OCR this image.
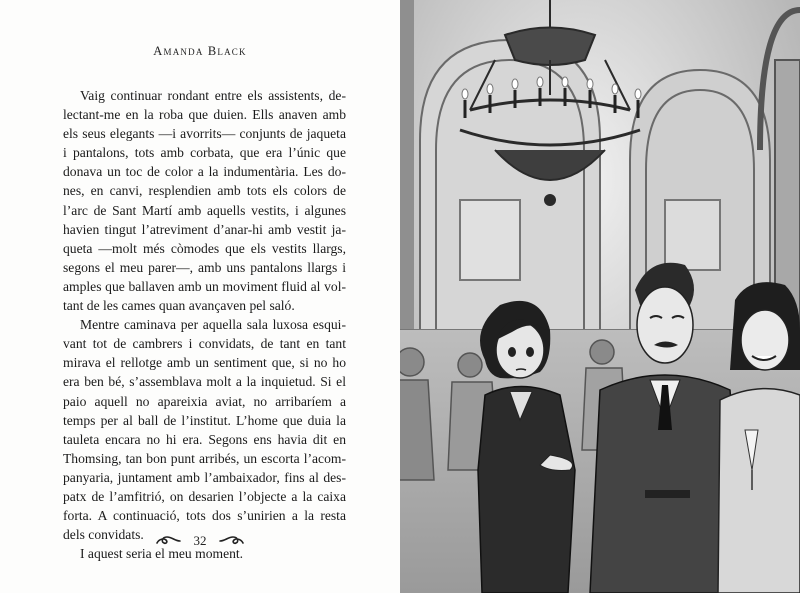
Amanda Black

Vaig continuar rondant entre els assistents, delectant-me en la roba que duien. Ells anaven amb els seus elegants —i avorrits— conjunts de jaqueta i pantalons, tots amb corbata, que era l’únic que donava un toc de color a la indumentària. Les dones, en canvi, resplendien amb tots els colors de l’arc de Sant Martí amb aquells vestits, i algunes havien tingut l’atreviment d’anar-hi amb vestit jaqueta —molt més còmodes que els vestits llargs, segons el meu parer—, amb uns pantalons llargs i amples que ballaven amb un moviment fluid al voltant de les cames quan avançaven pel saló.

Mentre caminava per aquella sala luxosa esquivant tot de cambrers i convidats, de tant en tant mirava el rellotge amb un sentiment que, si no ho era ben bé, s’assemblava molt a la inquietud. Si el paio aquell no apareixia aviat, no arribaríem a temps per al ball de l’institut. L’home que duia la tauleta encara no hi era. Segons ens havia dit en Thomsing, tan bon punt arribés, un escorta l’acompanyaria, juntament amb l’ambaixador, fins al despatx de l’amfitrió, on desarien l’objecte a la caixa forta. A continuació, tots dos s’unirien a la resta dels convidats.

I aquest seria el meu moment.

32
